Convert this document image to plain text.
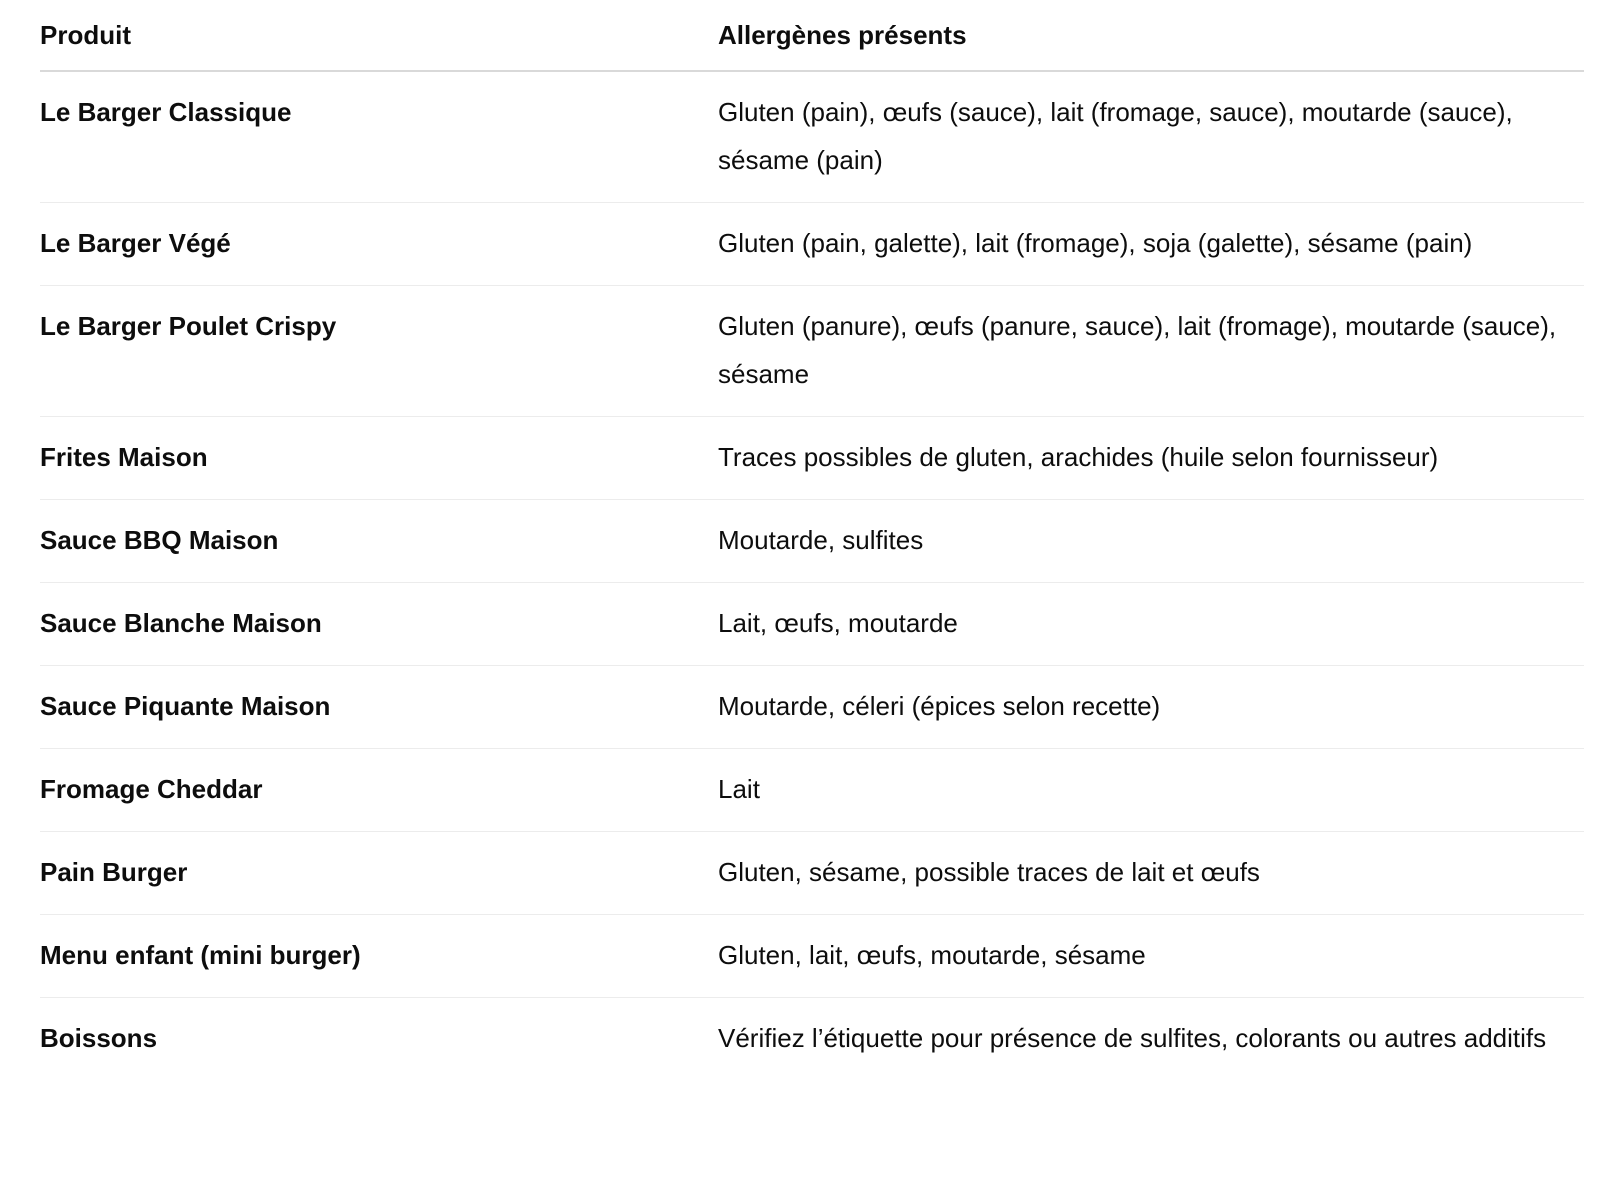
Produit	Allergènes présents
Le Barger Classique	Gluten (pain), œufs (sauce), lait (fromage, sauce), moutarde (sauce), sésame (pain)
Le Barger Végé	Gluten (pain, galette), lait (fromage), soja (galette), sésame (pain)
Le Barger Poulet Crispy	Gluten (panure), œufs (panure, sauce), lait (fromage), moutarde (sauce), sésame
Frites Maison	Traces possibles de gluten, arachides (huile selon fournisseur)
Sauce BBQ Maison	Moutarde, sulfites
Sauce Blanche Maison	Lait, œufs, moutarde
Sauce Piquante Maison	Moutarde, céleri (épices selon recette)
Fromage Cheddar	Lait
Pain Burger	Gluten, sésame, possible traces de lait et œufs
Menu enfant (mini burger)	Gluten, lait, œufs, moutarde, sésame
Boissons	Vérifiez l’étiquette pour présence de sulfites, colorants ou autres additifs
